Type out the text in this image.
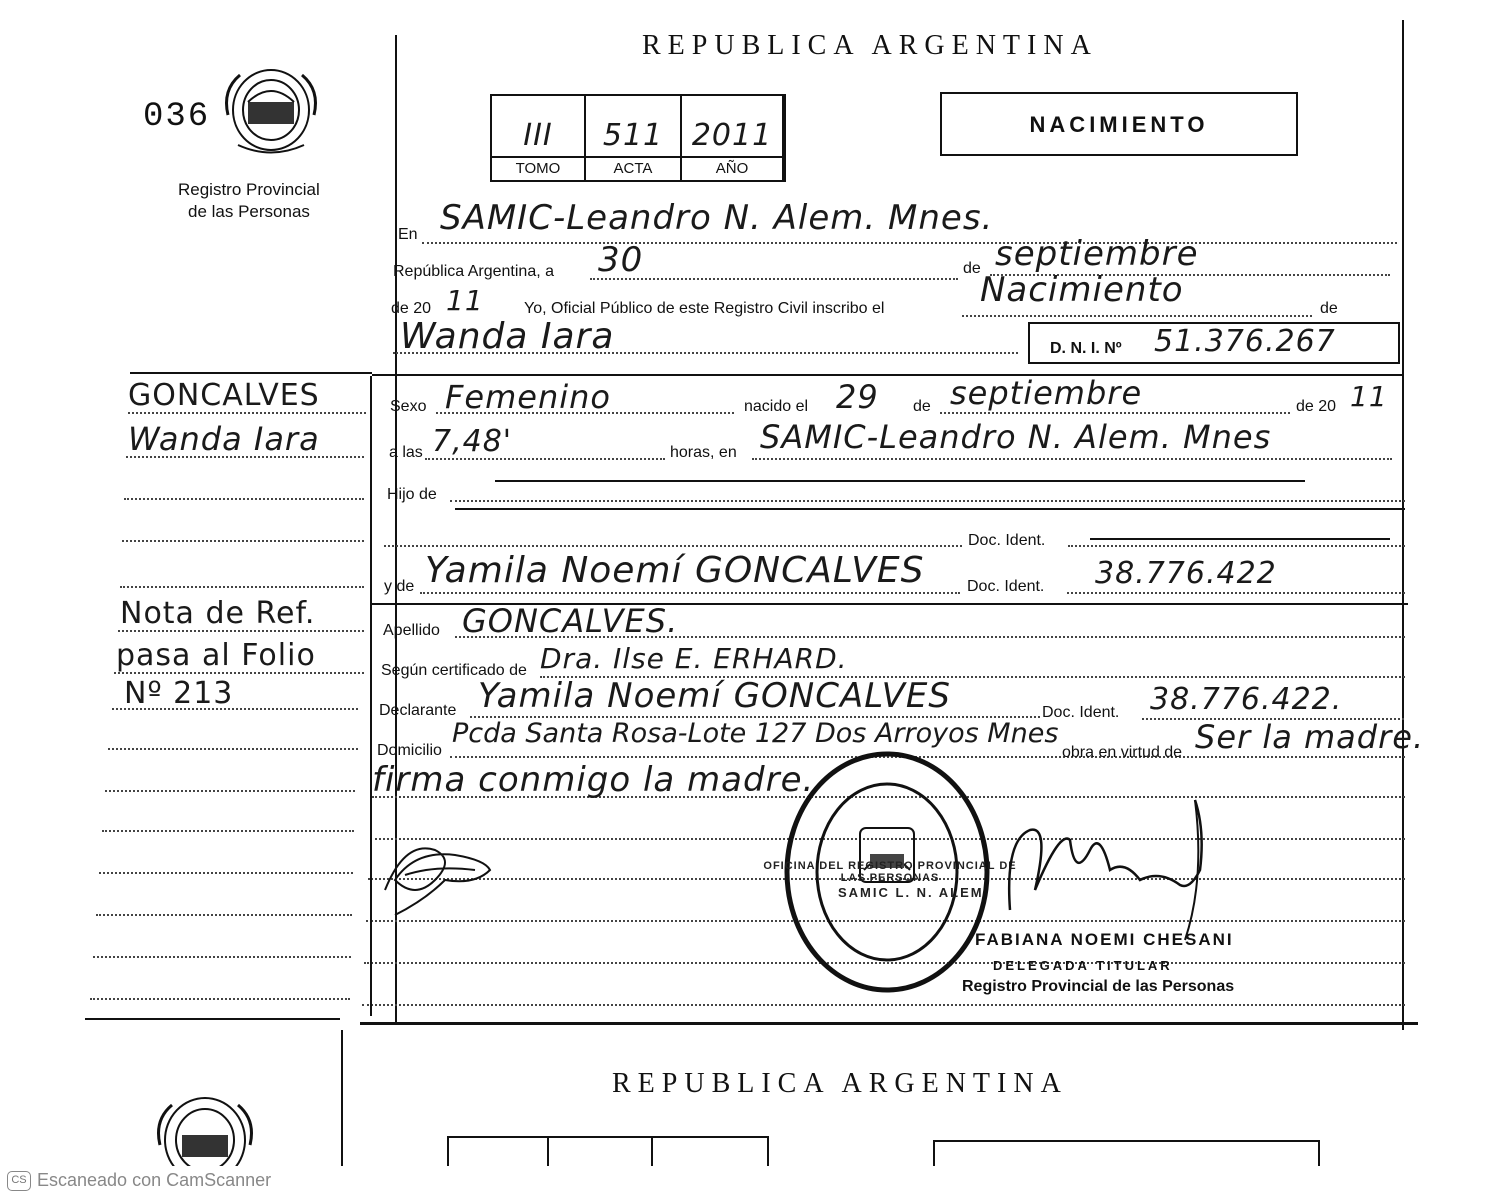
036
Registro Provincial
de las Personas
REPUBLICA ARGENTINA
III
TOMO
511
ACTA
2011
AÑO
NACIMIENTO
En SAMIC-Leandro N. Alem. Mnes.
República Argentina, a 30	de septiembre
de 20 11	Yo, Oficial Público de este Registro Civil inscribo el	Nacimiento	de
Wanda Iara	D. N. I. Nº 51.376.267
Sexo Femenino	nacido el 29 de septiembre	de 20 11
a las 7,48'	horas, en SAMIC-Leandro N. Alem. Mnes
Hijo de
Doc. Ident.
y de Yamila Noemí GONCALVES	Doc. Ident. 38.776.422
Apellido GONCALVES.
Según certificado de Dra. Ilse E. ERHARD.
Declarante Yamila Noemí GONCALVES	Doc. Ident. 38.776.422.
Domicilio
Pcda Santa Rosa-Lote 127 Dos Arroyos Mnes
obra en virtud de Ser la madre.
firma conmigo la madre.
GONCALVES
Wanda Iara
Nota de Ref.
pasa al Folio
Nº 213
OFICINA DEL REGISTRO PROVINCIAL DE LAS PERSONAS
SAMIC L. N. ALEM
FABIANA NOEMI CHESANI
DELEGADA TITULAR
Registro Provincial de las Personas
REPUBLICA ARGENTINA
CS Escaneado con CamScanner
